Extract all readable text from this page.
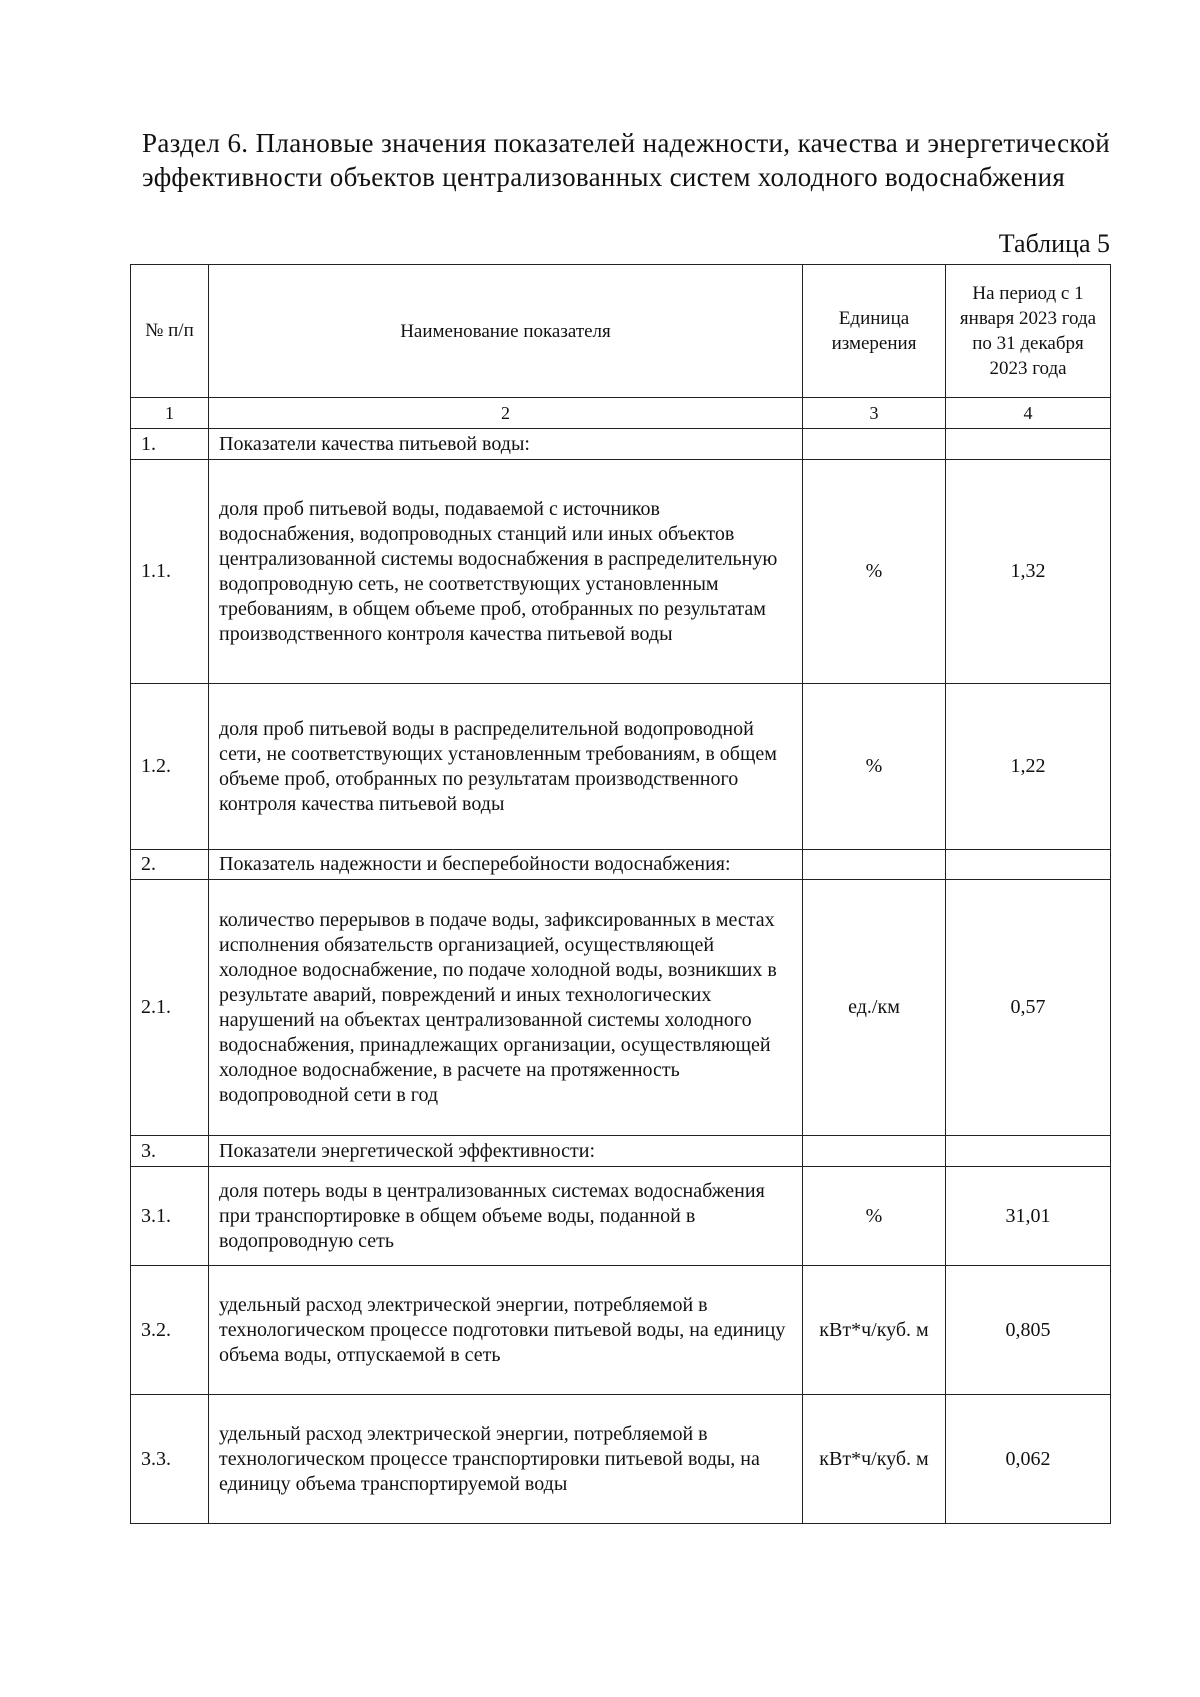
Раздел 6. Плановые значения показателей надежности, качества и энергетической эффективности объектов централизованных систем холодного водоснабжения
Таблица 5
№ п/п	Наименование показателя	Единица измерения	На период с 1 января 2023 года по 31 декабря 2023 года
1	2	3	4
1.	Показатели качества питьевой воды:		
1.1.	доля проб питьевой воды, подаваемой с источников водоснабжения, водопроводных станций или иных объектов централизованной системы водоснабжения в распределительную водопроводную сеть, не соответствующих установленным требованиям, в общем объеме проб, отобранных по результатам производственного контроля качества питьевой воды	%	1,32
1.2.	доля проб питьевой воды в распределительной водопроводной сети, не соответствующих установленным требованиям, в общем объеме проб, отобранных по результатам производственного контроля качества питьевой воды	%	1,22
2.	Показатель надежности и бесперебойности водоснабжения:		
2.1.	количество перерывов в подаче воды, зафиксированных в местах исполнения обязательств организацией, осуществляющей холодное водоснабжение, по подаче холодной воды, возникших в результате аварий, повреждений и иных технологических нарушений на объектах централизованной системы холодного водоснабжения, принадлежащих организации, осуществляющей холодное водоснабжение, в расчете на протяженность водопроводной сети в год	ед./км	0,57
3.	Показатели энергетической эффективности:		
3.1.	доля потерь воды в централизованных системах водоснабжения при транспортировке в общем объеме воды, поданной в водопроводную сеть	%	31,01
3.2.	удельный расход электрической энергии, потребляемой в технологическом процессе подготовки питьевой воды, на единицу объема воды, отпускаемой в сеть	кВт*ч/куб. м	0,805
3.3.	удельный расход электрической энергии, потребляемой в технологическом процессе транспортировки питьевой воды, на единицу объема транспортируемой воды	кВт*ч/куб. м	0,062
